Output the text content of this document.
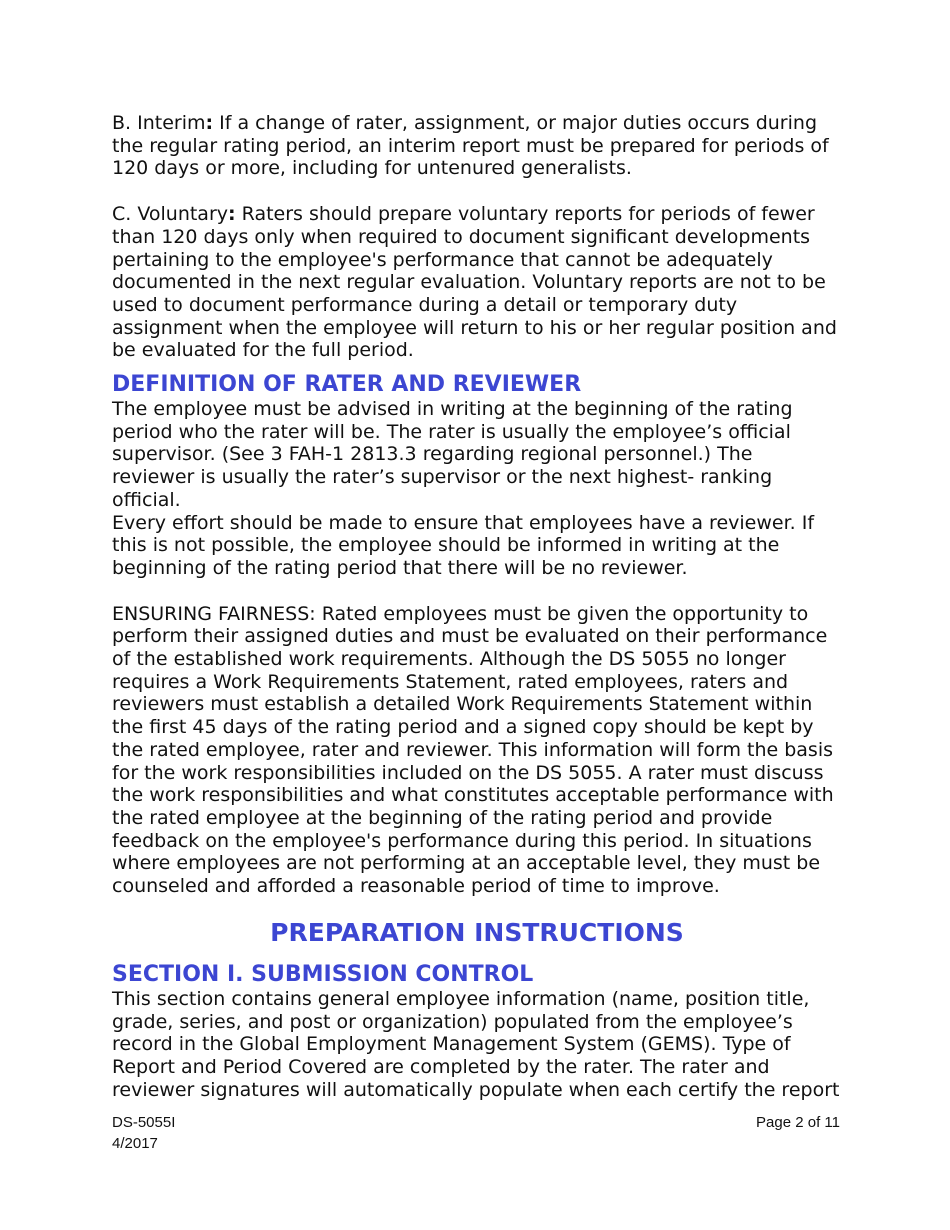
B. Interim: If a change of rater, assignment, or major duties occurs during
the regular rating period, an interim report must be prepared for periods of
120 days or more, including for untenured generalists.

C. Voluntary: Raters should prepare voluntary reports for periods of fewer
than 120 days only when required to document significant developments
pertaining to the employee's performance that cannot be adequately
documented in the next regular evaluation. Voluntary reports are not to be
used to document performance during a detail or temporary duty
assignment when the employee will return to his or her regular position and
be evaluated for the full period.

DEFINITION OF RATER AND REVIEWER

The employee must be advised in writing at the beginning of the rating
period who the rater will be. The rater is usually the employee’s official
supervisor. (See 3 FAH-1 2813.3 regarding regional personnel.) The
reviewer is usually the rater’s supervisor or the next highest- ranking official.
Every effort should be made to ensure that employees have a reviewer. If
this is not possible, the employee should be informed in writing at the
beginning of the rating period that there will be no reviewer.

ENSURING FAIRNESS: Rated employees must be given the opportunity to
perform their assigned duties and must be evaluated on their performance
of the established work requirements. Although the DS 5055 no longer
requires a Work Requirements Statement, rated employees, raters and
reviewers must establish a detailed Work Requirements Statement within
the first 45 days of the rating period and a signed copy should be kept by
the rated employee, rater and reviewer. This information will form the basis
for the work responsibilities included on the DS 5055. A rater must discuss
the work responsibilities and what constitutes acceptable performance with
the rated employee at the beginning of the rating period and provide
feedback on the employee's performance during this period. In situations
where employees are not performing at an acceptable level, they must be
counseled and afforded a reasonable period of time to improve.

PREPARATION INSTRUCTIONS
SECTION I. SUBMISSION CONTROL

This section contains general employee information (name, position title,
grade, series, and post or organization) populated from the employee’s
record in the Global Employment Management System (GEMS). Type of
Report and Period Covered are completed by the rater. The rater and
reviewer signatures will automatically populate when each certify the report

DS-5055I
4/2017
Page 2 of 11
